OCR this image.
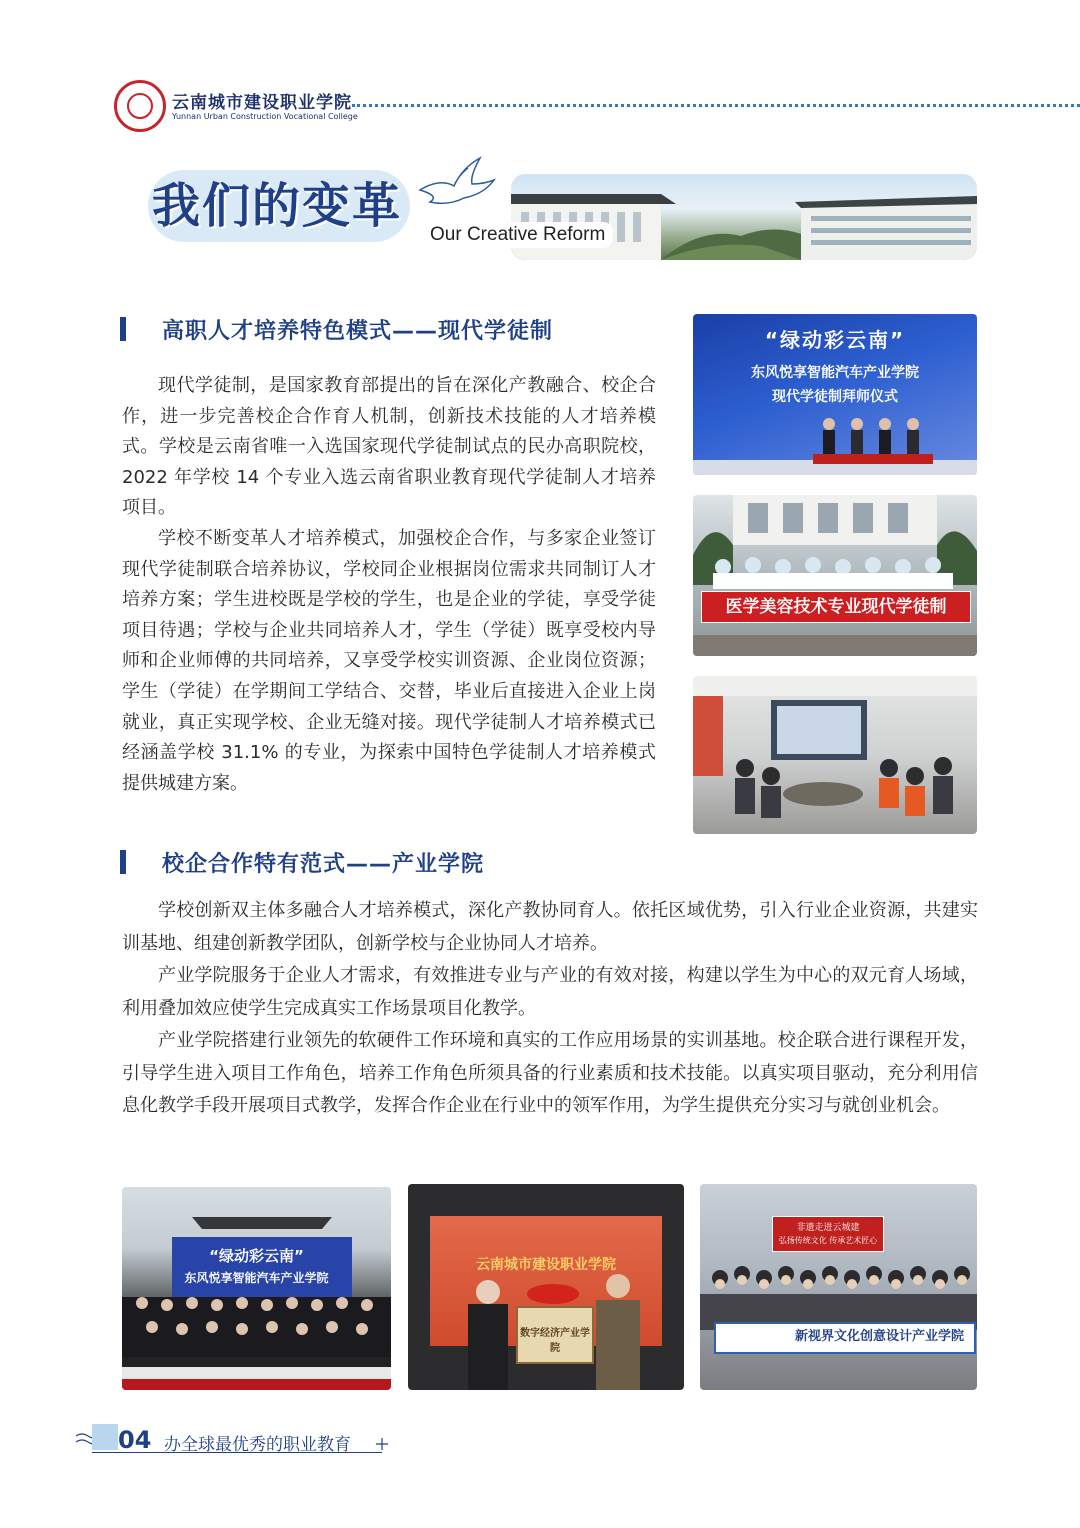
云南城市建设职业学院
Yunnan Urban Construction Vocational College
我们的变革
Our Creative Reform
高职人才培养特色模式——现代学徒制

现代学徒制，是国家教育部提出的旨在深化产教融合、校企合作，进一步完善校企合作育人机制，创新技术技能的人才培养模式。学校是云南省唯一入选国家现代学徒制试点的民办高职院校，2022 年学校 14 个专业入选云南省职业教育现代学徒制人才培养项目。

学校不断变革人才培养模式，加强校企合作，与多家企业签订现代学徒制联合培养协议，学校同企业根据岗位需求共同制订人才培养方案；学生进校既是学校的学生，也是企业的学徒，享受学徒项目待遇；学校与企业共同培养人才，学生（学徒）既享受校内导师和企业师傅的共同培养，又享受学校实训资源、企业岗位资源；学生（学徒）在学期间工学结合、交替，毕业后直接进入企业上岗就业，真正实现学校、企业无缝对接。现代学徒制人才培养模式已经涵盖学校 31.1% 的专业，为探索中国特色学徒制人才培养模式提供城建方案。

“绿动彩云南”
东风悦享智能汽车产业学院
现代学徒制拜师仪式
医学美容技术专业现代学徒制
校企合作特有范式——产业学院

学校创新双主体多融合人才培养模式，深化产教协同育人。依托区域优势，引入行业企业资源，共建实训基地、组建创新教学团队，创新学校与企业协同人才培养。

产业学院服务于企业人才需求，有效推进专业与产业的有效对接，构建以学生为中心的双元育人场域，利用叠加效应使学生完成真实工作场景项目化教学。

产业学院搭建行业领先的软硬件工作环境和真实的工作应用场景的实训基地。校企联合进行课程开发，引导学生进入项目工作角色，培养工作角色所须具备的行业素质和技术技能。以真实项目驱动，充分利用信息化教学手段开展项目式教学，发挥合作企业在行业中的领军作用，为学生提供充分实习与就创业机会。

“绿动彩云南”
东风悦享智能汽车产业学院
云南城市建设职业学院
数字经济产业学院
非遗走进云城建
弘扬传统文化 传承艺术匠心
新视界文化创意设计产业学院
04 办全球最优秀的职业教育
